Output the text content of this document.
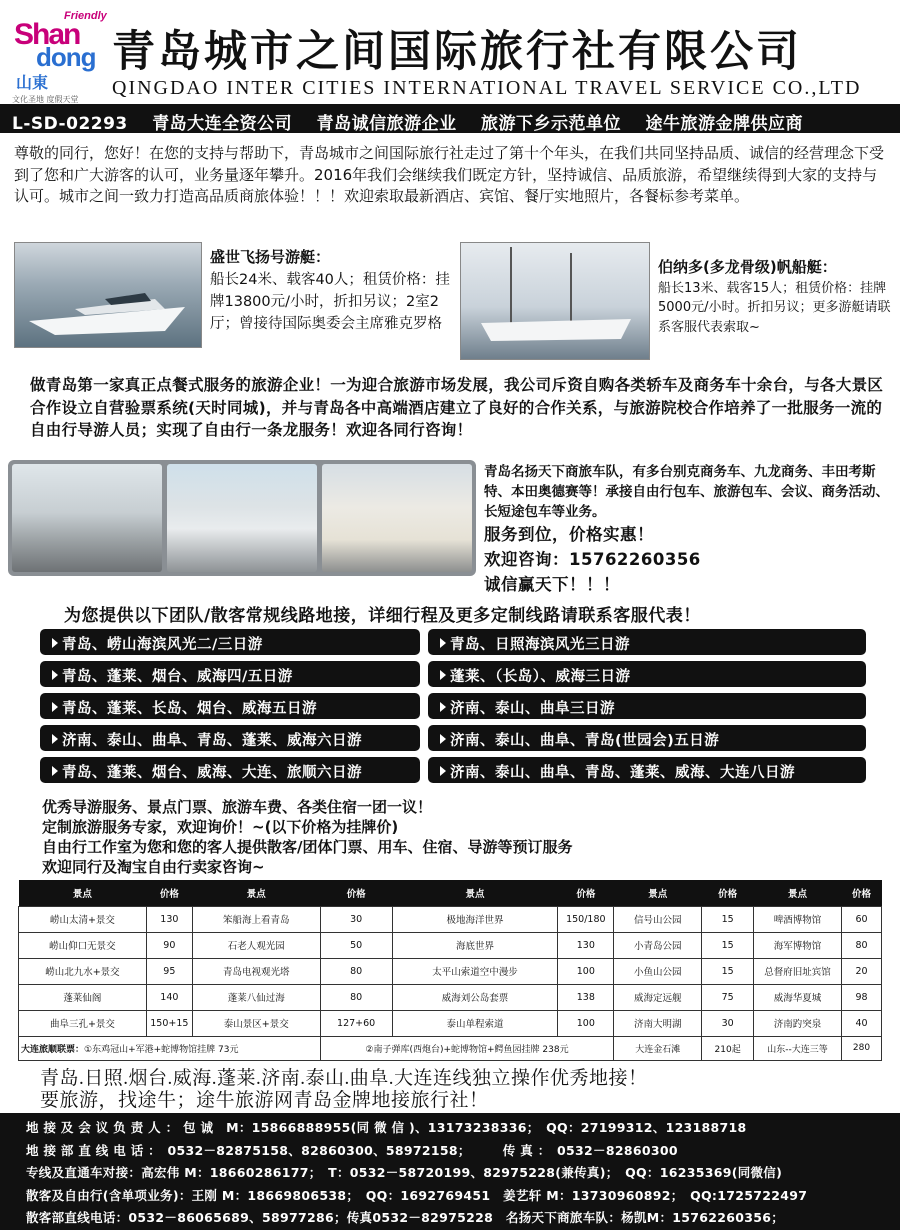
Friendly
Shan
dong
山東
文化圣地 度假天堂
青岛城市之间国际旅行社有限公司
QINGDAO INTER CITIES INTERNATIONAL TRAVEL SERVICE CO.,LTD
L-SD-02293 青岛大连全资公司 青岛诚信旅游企业 旅游下乡示范单位 途牛旅游金牌供应商
尊敬的同行，您好！在您的支持与帮助下，青岛城市之间国际旅行社走过了第十个年头，在我们共同坚持品质、诚信的经营理念下受到了您和广大游客的认可，业务量逐年攀升。2016年我们会继续我们既定方针，坚持诚信、品质旅游，希望继续得到大家的支持与认可。城市之间一致力打造高品质商旅体验！！！欢迎索取最新酒店、宾馆、餐厅实地照片，各餐标参考菜单。
盛世飞扬号游艇：
船长24米、载客40人；租赁价格：挂牌13800元/小时，折扣另议；2室2厅；曾接待国际奥委会主席雅克罗格
伯纳多(多龙骨级)帆船艇：
船长13米、载客15人；租赁价格：挂牌5000元/小时。折扣另议；更多游艇请联系客服代表索取~
做青岛第一家真正点餐式服务的旅游企业！一为迎合旅游市场发展，我公司斥资自购各类轿车及商务车十余台，与各大景区合作设立自营验票系统(天时同城)，并与青岛各中高端酒店建立了良好的合作关系，与旅游院校合作培养了一批服务一流的自由行导游人员；实现了自由行一条龙服务！欢迎各同行咨询！
青岛名扬天下商旅车队，有多台别克商务车、九龙商务、丰田考斯特、本田奥德赛等！承接自由行包车、旅游包车、会议、商务活动、长短途包车等业务。
服务到位，价格实惠！
欢迎咨询：15762260356
诚信赢天下！！！
为您提供以下团队/散客常规线路地接，详细行程及更多定制线路请联系客服代表！
青岛、崂山海滨风光二/三日游
青岛、蓬莱、烟台、威海四/五日游
青岛、蓬莱、长岛、烟台、威海五日游
济南、泰山、曲阜、青岛、蓬莱、威海六日游
青岛、蓬莱、烟台、威海、大连、旅顺六日游
青岛、日照海滨风光三日游
蓬莱、（长岛）、威海三日游
济南、泰山、曲阜三日游
济南、泰山、曲阜、青岛(世园会)五日游
济南、泰山、曲阜、青岛、蓬莱、威海、大连八日游
优秀导游服务、景点门票、旅游车费、各类住宿一团一议！
定制旅游服务专家，欢迎询价！~(以下价格为挂牌价)
自由行工作室为您和您的客人提供散客/团体门票、用车、住宿、导游等预订服务
欢迎同行及淘宝自由行卖家咨询~
景点	价格	景点	价格	景点	价格	景点	价格	景点	价格
崂山太清+景交	130	笨船海上看青岛	30	极地海洋世界	150/180	信号山公园	15	啤酒博物馆	60
崂山仰口无景交	90	石老人观光园	50	海底世界	130	小青岛公园	15	海军博物馆	80
崂山北九水+景交	95	青岛电视观光塔	80	太平山索道空中漫步	100	小鱼山公园	15	总督府旧址宾馆	20
蓬莱仙阁	140	蓬莱八仙过海	80	威海刘公岛套票	138	威海定远舰	75	威海华夏城	98
曲阜三孔+景交	150+15	泰山景区+景交	127+60	泰山单程索道	100	济南大明湖	30	济南趵突泉	40
大连旅顺联票：①东鸡冠山+军港+蛇博物馆挂牌 73元			②南子弹库(西炮台)+蛇博物馆+鳄鱼园挂牌 238元			大连金石滩	210起	山东--大连三等	280
青岛.日照.烟台.威海.蓬莱.济南.泰山.曲阜.大连连线独立操作优秀地接！
要旅游，找途牛；途牛旅游网青岛金牌地接旅行社！
地 接 及 会 议 负 责 人 ： 包 诚　M：15866888955(同 微 信 )、13173238336；　QQ：27199312、123188718
地 接 部 直 线 电 话 ：　0532－82875158、82860300、58972158；　　　传 真 ：　0532－82860300
专线及直通车对接：高宏伟 M：18660286177；　T：0532－58720199、82975228(兼传真)；　QQ：16235369(同微信)
散客及自由行(含单项业务)：王刚 M：18669806538；　QQ：1692769451　姜艺轩 M：13730960892；　QQ:1725722497
散客部直线电话：0532－86065689、58977286；传真0532－82975228　名扬天下商旅车队：杨凯M：15762260356；
